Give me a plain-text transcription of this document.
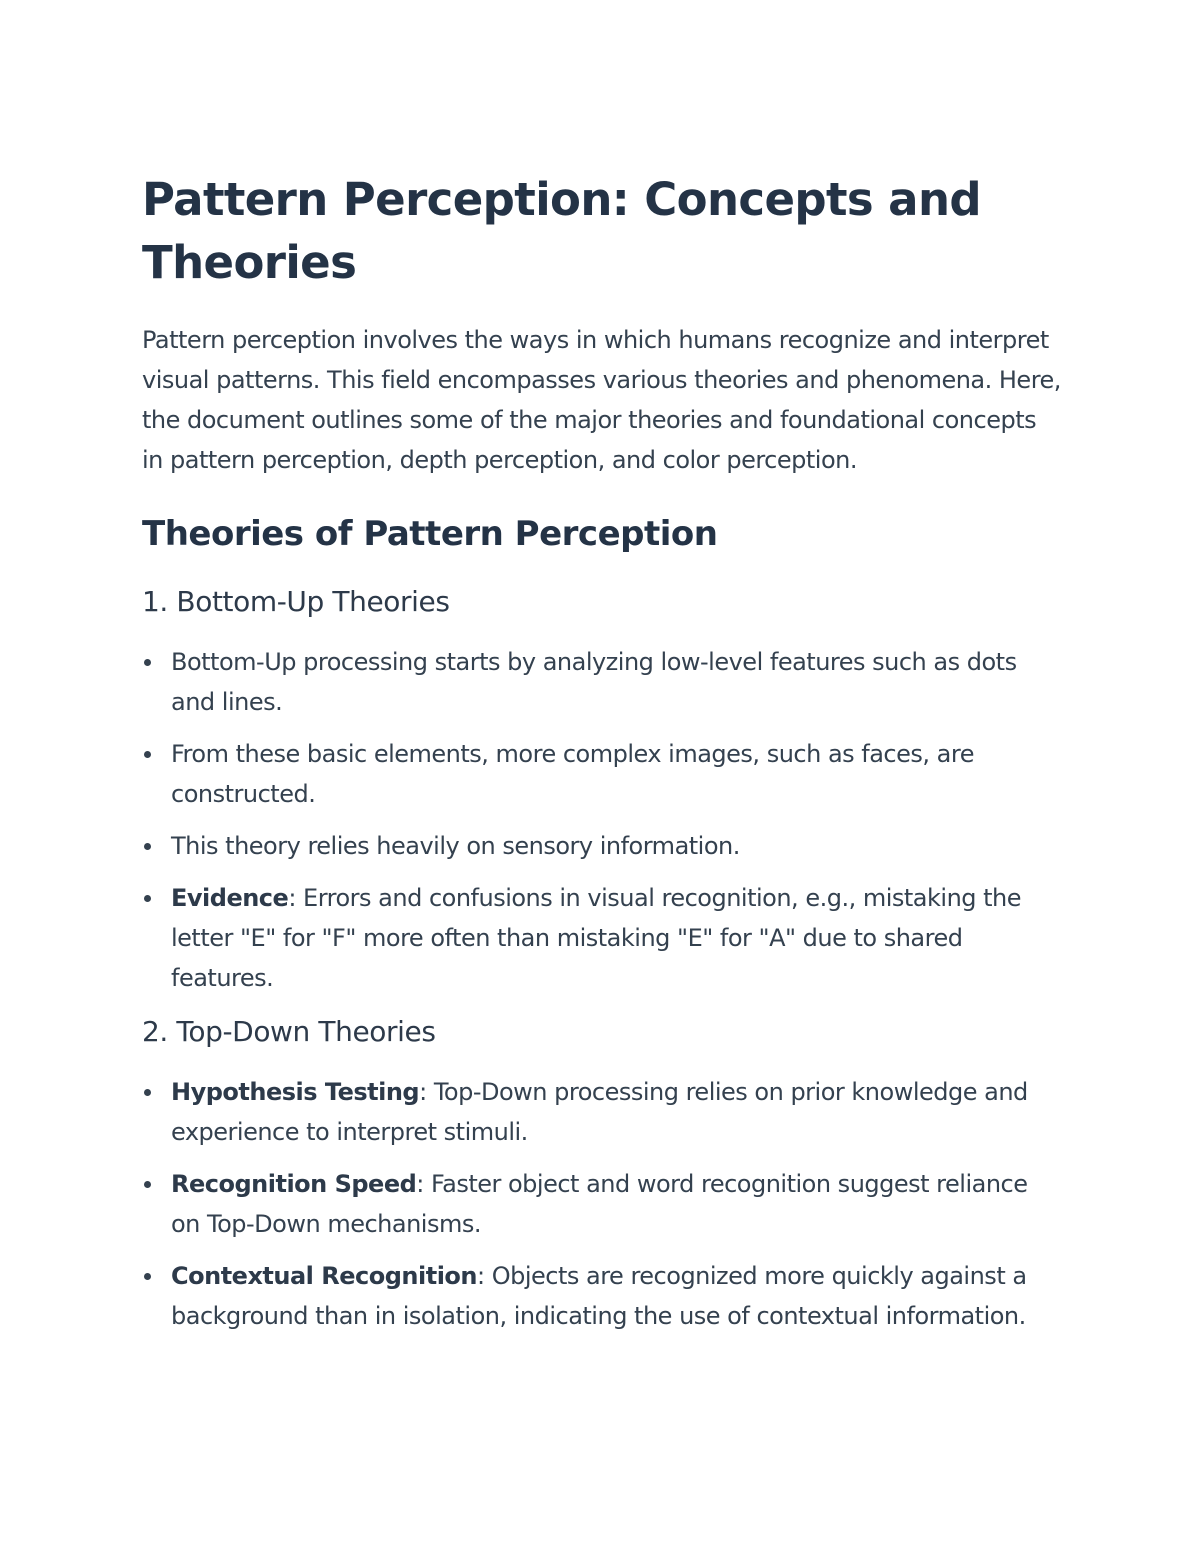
Pattern Perception: Concepts and Theories

Pattern perception involves the ways in which humans recognize and interpret visual patterns. This field encompasses various theories and phenomena. Here, the document outlines some of the major theories and foundational concepts in pattern perception, depth perception, and color perception.

Theories of Pattern Perception
1. Bottom-Up Theories
Bottom-Up processing starts by analyzing low-level features such as dots and lines.
From these basic elements, more complex images, such as faces, are constructed.
This theory relies heavily on sensory information.
Evidence: Errors and confusions in visual recognition, e.g., mistaking the letter "E" for "F" more often than mistaking "E" for "A" due to shared features.
2. Top-Down Theories
Hypothesis Testing: Top-Down processing relies on prior knowledge and experience to interpret stimuli.
Recognition Speed: Faster object and word recognition suggest reliance on Top-Down mechanisms.
Contextual Recognition: Objects are recognized more quickly against a background than in isolation, indicating the use of contextual information.
